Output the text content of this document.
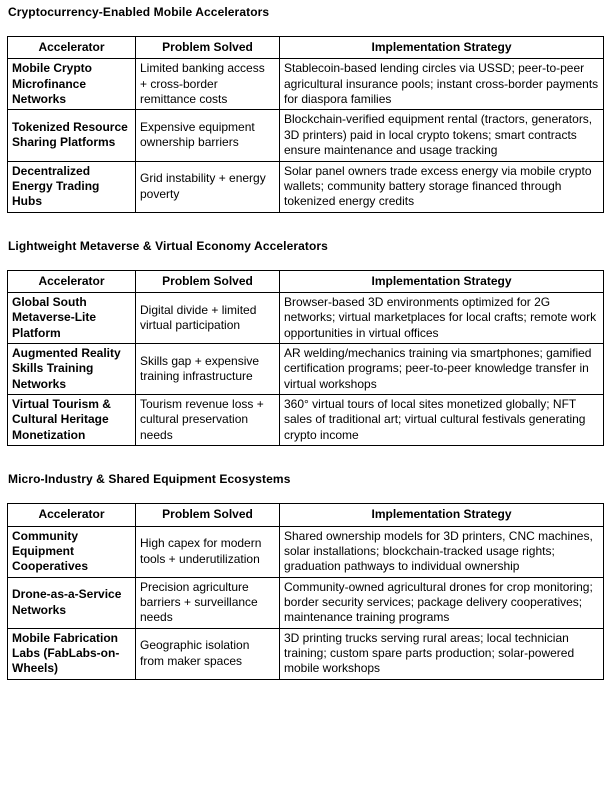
Cryptocurrency-Enabled Mobile Accelerators
Accelerator	Problem Solved	Implementation Strategy
Mobile Crypto Microfinance Networks	Limited banking access + cross-border remittance costs	Stablecoin-based lending circles via USSD; peer-to-peer agricultural insurance pools; instant cross-border payments for diaspora families
Tokenized Resource Sharing Platforms	Expensive equipment ownership barriers	Blockchain-verified equipment rental (tractors, generators, 3D printers) paid in local crypto tokens; smart contracts ensure maintenance and usage tracking
Decentralized Energy Trading Hubs	Grid instability + energy poverty	Solar panel owners trade excess energy via mobile crypto wallets; community battery storage financed through tokenized energy credits
Lightweight Metaverse & Virtual Economy Accelerators
Accelerator	Problem Solved	Implementation Strategy
Global South Metaverse-Lite Platform	Digital divide + limited virtual participation	Browser-based 3D environments optimized for 2G networks; virtual marketplaces for local crafts; remote work opportunities in virtual offices
Augmented Reality Skills Training Networks	Skills gap + expensive training infrastructure	AR welding/mechanics training via smartphones; gamified certification programs; peer-to-peer knowledge transfer in virtual workshops
Virtual Tourism & Cultural Heritage Monetization	Tourism revenue loss + cultural preservation needs	360° virtual tours of local sites monetized globally; NFT sales of traditional art; virtual cultural festivals generating crypto income
Micro-Industry & Shared Equipment Ecosystems
Accelerator	Problem Solved	Implementation Strategy
Community Equipment Cooperatives	High capex for modern tools + underutilization	Shared ownership models for 3D printers, CNC machines, solar installations; blockchain-tracked usage rights; graduation pathways to individual ownership
Drone-as-a-Service Networks	Precision agriculture barriers + surveillance needs	Community-owned agricultural drones for crop monitoring; border security services; package delivery cooperatives; maintenance training programs
Mobile Fabrication Labs (FabLabs-on-Wheels)	Geographic isolation from maker spaces	3D printing trucks serving rural areas; local technician training; custom spare parts production; solar-powered mobile workshops
